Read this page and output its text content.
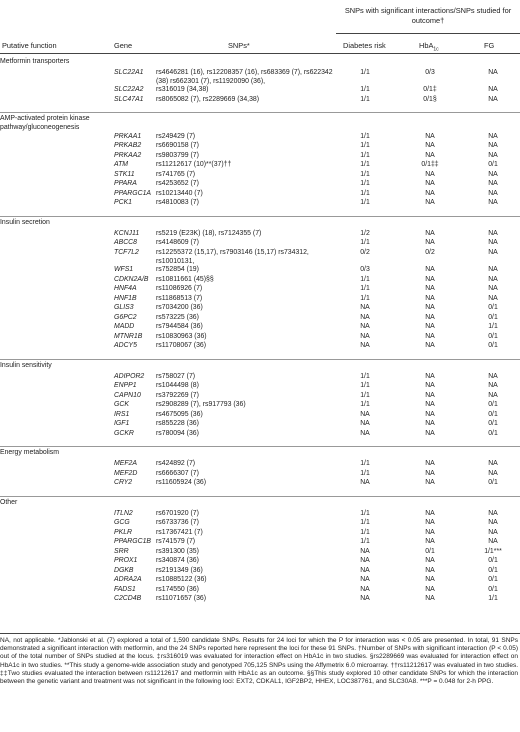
SNPs with significant interactions/SNPs studied for outcome†
Putative function	Gene	SNPs*	Diabetes risk	HbA$_{1c}$	FG
Metformin transporters					
	SLC22A1	rs4646281 (16), rs12208357 (16), rs683369 (7), rs622342 (38) rs662301 (7), rs11920090 (36),	1/1	0/3	NA
	SLC22A2	rs316019 (34,38)	1/1	0/1‡	NA
	SLC47A1	rs8065082 (7), rs2289669 (34,38)	1/1	0/1§	NA

AMP-activated protein kinase pathway/gluconeogenesis					
	PRKAA1	rs249429 (7)	1/1	NA	NA
	PRKAB2	rs6690158 (7)	1/1	NA	NA
	PRKAA2	rs9803799 (7)	1/1	NA	NA
	ATM	rs11212617 (10)**(37)††	1/1	0/1‡‡	0/1
	STK11	rs741765 (7)	1/1	NA	NA
	PPARA	rs4253652 (7)	1/1	NA	NA
	PPARGC1A	rs10213440 (7)	1/1	NA	NA
	PCK1	rs4810083 (7)	1/1	NA	NA

Insulin secretion					
	KCNJ11	rs5219 (E23K) (18), rs7124355 (7)	1/2	NA	NA
	ABCC8	rs4148609 (7)	1/1	NA	NA
	TCF7L2	rs12255372 (15,17), rs7903146 (15,17) rs734312, rs10010131,	0/2	0/2	NA
	WFS1	rs752854 (19)	0/3	NA	NA
	CDKN2A/B	rs10811661 (45)§§	1/1	NA	NA
	HNF4A	rs11086926 (7)	1/1	NA	NA
	HNF1B	rs11868513 (7)	1/1	NA	NA
	GLIS3	rs7034200 (36)	NA	NA	0/1
	G6PC2	rs573225 (36)	NA	NA	0/1
	MADD	rs7944584 (36)	NA	NA	1/1
	MTNR1B	rs10830963 (36)	NA	NA	0/1
	ADCY5	rs11708067 (36)	NA	NA	0/1

Insulin sensitivity					
	ADIPOR2	rs758027 (7)	1/1	NA	NA
	ENPP1	rs1044498 (8)	1/1	NA	NA
	CAPN10	rs3792269 (7)	1/1	NA	NA
	GCK	rs2908289 (7), rs917793 (36)	1/1	NA	0/1
	IRS1	rs4675095 (36)	NA	NA	0/1
	IGF1	rs855228 (36)	NA	NA	0/1
	GCKR	rs780094 (36)	NA	NA	0/1

Energy metabolism					
	MEF2A	rs424892 (7)	1/1	NA	NA
	MEF2D	rs6666307 (7)	1/1	NA	NA
	CRY2	rs11605924 (36)	NA	NA	0/1

Other					
	ITLN2	rs6701920 (7)	1/1	NA	NA
	GCG	rs6733736 (7)	1/1	NA	NA
	PKLR	rs17367421 (7)	1/1	NA	NA
	PPARGC1B	rs741579 (7)	1/1	NA	NA
	SRR	rs391300 (35)	NA	0/1	1/1***
	PROX1	rs340874 (36)	NA	NA	0/1
	DGKB	rs2191349 (36)	NA	NA	0/1
	ADRA2A	rs10885122 (36)	NA	NA	0/1
	FADS1	rs174550 (36)	NA	NA	0/1
	C2CD4B	rs11071657 (36)	NA	NA	1/1
NA, not applicable. *Jablonski et al. (7) explored a total of 1,590 candidate SNPs. Results for 24 loci for which the P for interaction was < 0.05 are presented. In total, 91 SNPs demonstrated a significant interaction with metformin, and the 24 SNPs reported here represent the loci for these 91 SNPs. †Number of SNPs with significant interaction (P < 0.05) out of the total number of SNPs studied at the locus. ‡rs316019 was evaluated for interaction effect on HbA1c in two studies. §rs2289669 was evaluated for interaction effect on HbA1c in two studies. **This study a genome-wide association study and genotyped 705,125 SNPs using the Affymetrix 6.0 microarray. ††rs11212617 was evaluated in two studies. ‡‡Two studies evaluated the interaction between rs11212617 and metformin with HbA1c as an outcome. §§This study explored 10 other candidate SNPs for which the interaction between the genetic variant and treatment was not significant in the following loci: EXT2, CDKAL1, IGF2BP2, HHEX, LOC387761, and SLC30A8. ***P = 0.048 for 2-h PPG.
